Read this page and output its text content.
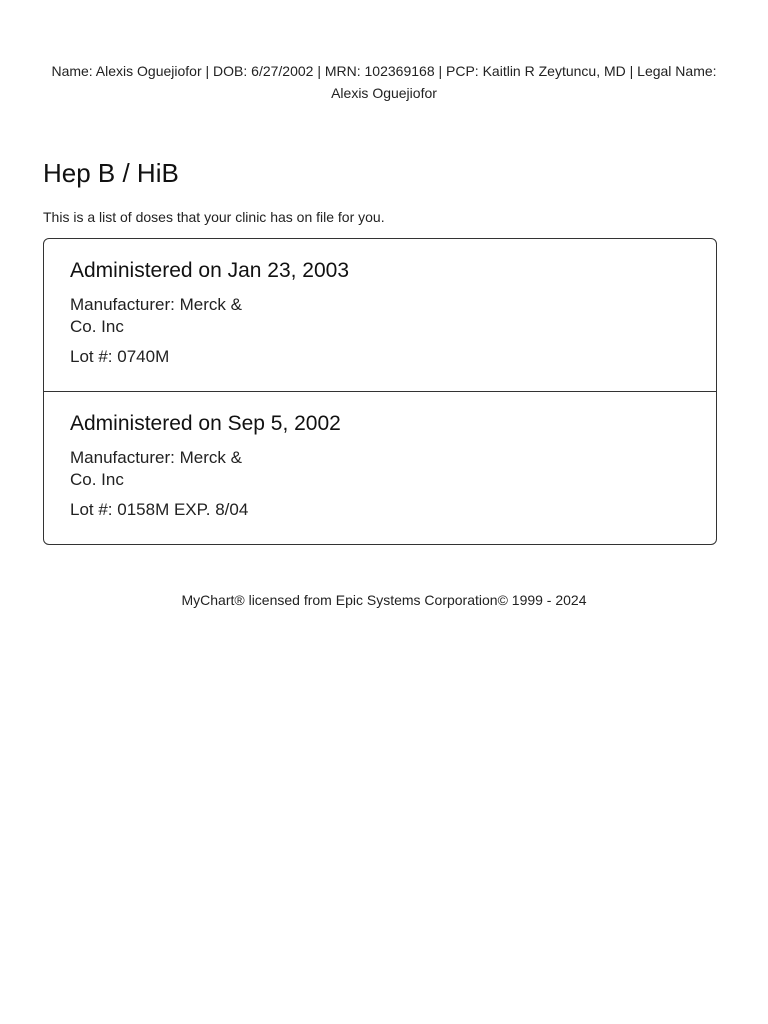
Name: Alexis Oguejiofor | DOB: 6/27/2002 | MRN: 102369168 | PCP: Kaitlin R Zeytuncu, MD | Legal Name: Alexis Oguejiofor
Hep B / HiB

This is a list of doses that your clinic has on file for you.

Administered on Jan 23, 2003
Manufacturer: Merck & Co. Inc
Lot #: 0740M
Administered on Sep 5, 2002
Manufacturer: Merck & Co. Inc
Lot #: 0158M EXP. 8/04
MyChart® licensed from Epic Systems Corporation© 1999 - 2024
